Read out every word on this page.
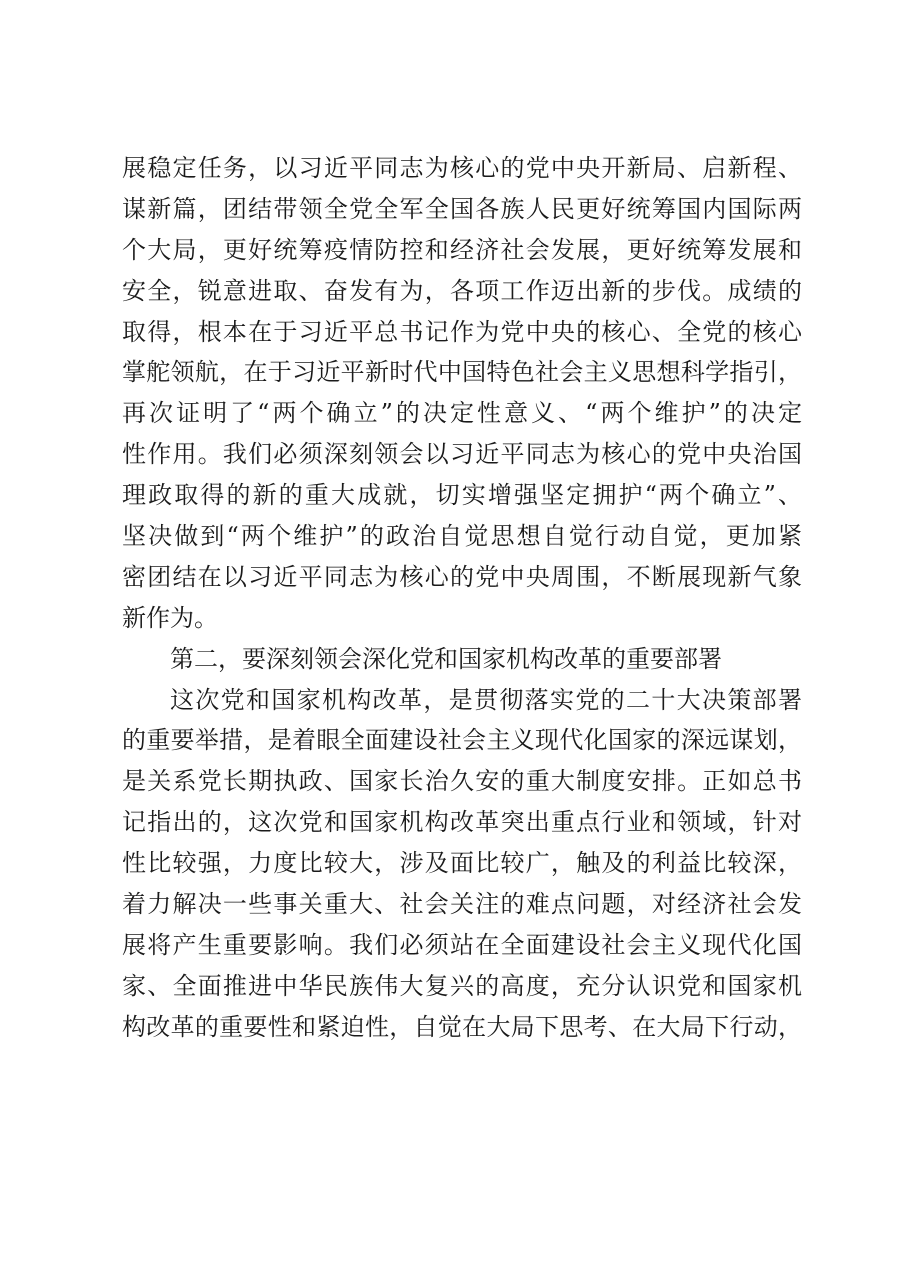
展稳定任务，以习近平同志为核心的党中央开新局、启新程、
谋新篇，团结带领全党全军全国各族人民更好统筹国内国际两
个大局，更好统筹疫情防控和经济社会发展，更好统筹发展和
安全，锐意进取、奋发有为，各项工作迈出新的步伐。成绩的
取得，根本在于习近平总书记作为党中央的核心、全党的核心
掌舵领航，在于习近平新时代中国特色社会主义思想科学指引，
再次证明了“两个确立”的决定性意义、“两个维护”的决定
性作用。我们必须深刻领会以习近平同志为核心的党中央治国
理政取得的新的重大成就，切实增强坚定拥护“两个确立”、
坚决做到“两个维护”的政治自觉思想自觉行动自觉，更加紧
密团结在以习近平同志为核心的党中央周围，不断展现新气象
新作为。
第二，要深刻领会深化党和国家机构改革的重要部署
这次党和国家机构改革，是贯彻落实党的二十大决策部署
的重要举措，是着眼全面建设社会主义现代化国家的深远谋划，
是关系党长期执政、国家长治久安的重大制度安排。正如总书
记指出的，这次党和国家机构改革突出重点行业和领域，针对
性比较强，力度比较大，涉及面比较广，触及的利益比较深，
着力解决一些事关重大、社会关注的难点问题，对经济社会发
展将产生重要影响。我们必须站在全面建设社会主义现代化国
家、全面推进中华民族伟大复兴的高度，充分认识党和国家机
构改革的重要性和紧迫性，自觉在大局下思考、在大局下行动，
